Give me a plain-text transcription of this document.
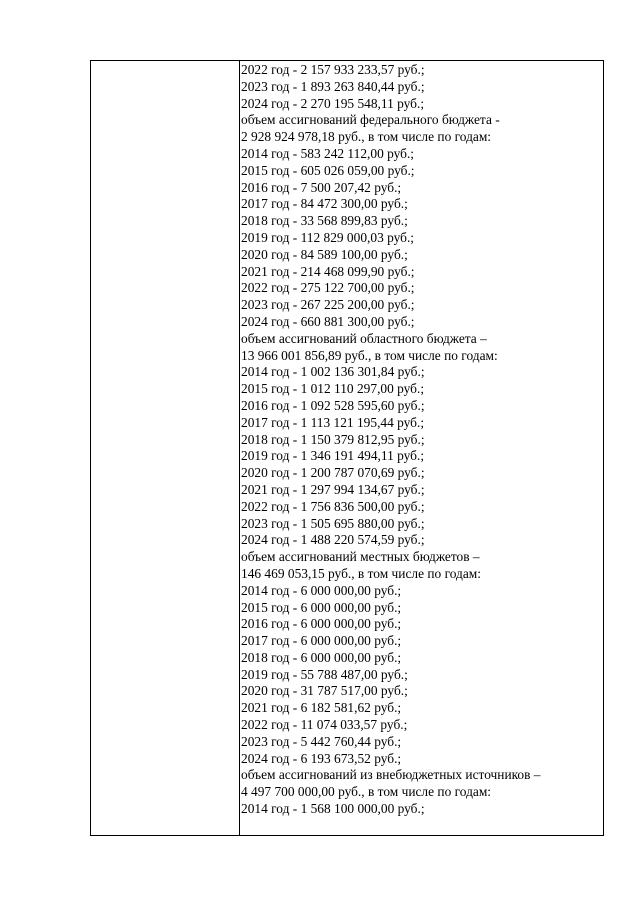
2022 год - 2 157 933 233,57 руб.;
2023 год - 1 893 263 840,44 руб.;
2024 год - 2 270 195 548,11 руб.;
объем ассигнований федерального бюджета -
2 928 924 978,18 руб., в том числе по годам:
2014 год - 583 242 112,00 руб.;
2015 год - 605 026 059,00 руб.;
2016 год - 7 500 207,42 руб.;
2017 год - 84 472 300,00 руб.;
2018 год - 33 568 899,83 руб.;
2019 год - 112 829 000,03 руб.;
2020 год - 84 589 100,00 руб.;
2021 год - 214 468 099,90 руб.;
2022 год - 275 122 700,00 руб.;
2023 год - 267 225 200,00 руб.;
2024 год - 660 881 300,00 руб.;
объем ассигнований областного бюджета –
13 966 001 856,89 руб., в том числе по годам:
2014 год - 1 002 136 301,84 руб.;
2015 год - 1 012 110 297,00 руб.;
2016 год - 1 092 528 595,60 руб.;
2017 год - 1 113 121 195,44 руб.;
2018 год - 1 150 379 812,95 руб.;
2019 год - 1 346 191 494,11 руб.;
2020 год - 1 200 787 070,69 руб.;
2021 год - 1 297 994 134,67 руб.;
2022 год - 1 756 836 500,00 руб.;
2023 год - 1 505 695 880,00 руб.;
2024 год - 1 488 220 574,59 руб.;
объем ассигнований местных бюджетов –
146 469 053,15 руб., в том числе по годам:
2014 год - 6 000 000,00 руб.;
2015 год - 6 000 000,00 руб.;
2016 год - 6 000 000,00 руб.;
2017 год - 6 000 000,00 руб.;
2018 год - 6 000 000,00 руб.;
2019 год - 55 788 487,00 руб.;
2020 год - 31 787 517,00 руб.;
2021 год - 6 182 581,62 руб.;
2022 год - 11 074 033,57 руб.;
2023 год - 5 442 760,44 руб.;
2024 год - 6 193 673,52 руб.;
объем ассигнований из внебюджетных источников –
4 497 700 000,00 руб., в том числе по годам:
2014 год - 1 568 100 000,00 руб.;
